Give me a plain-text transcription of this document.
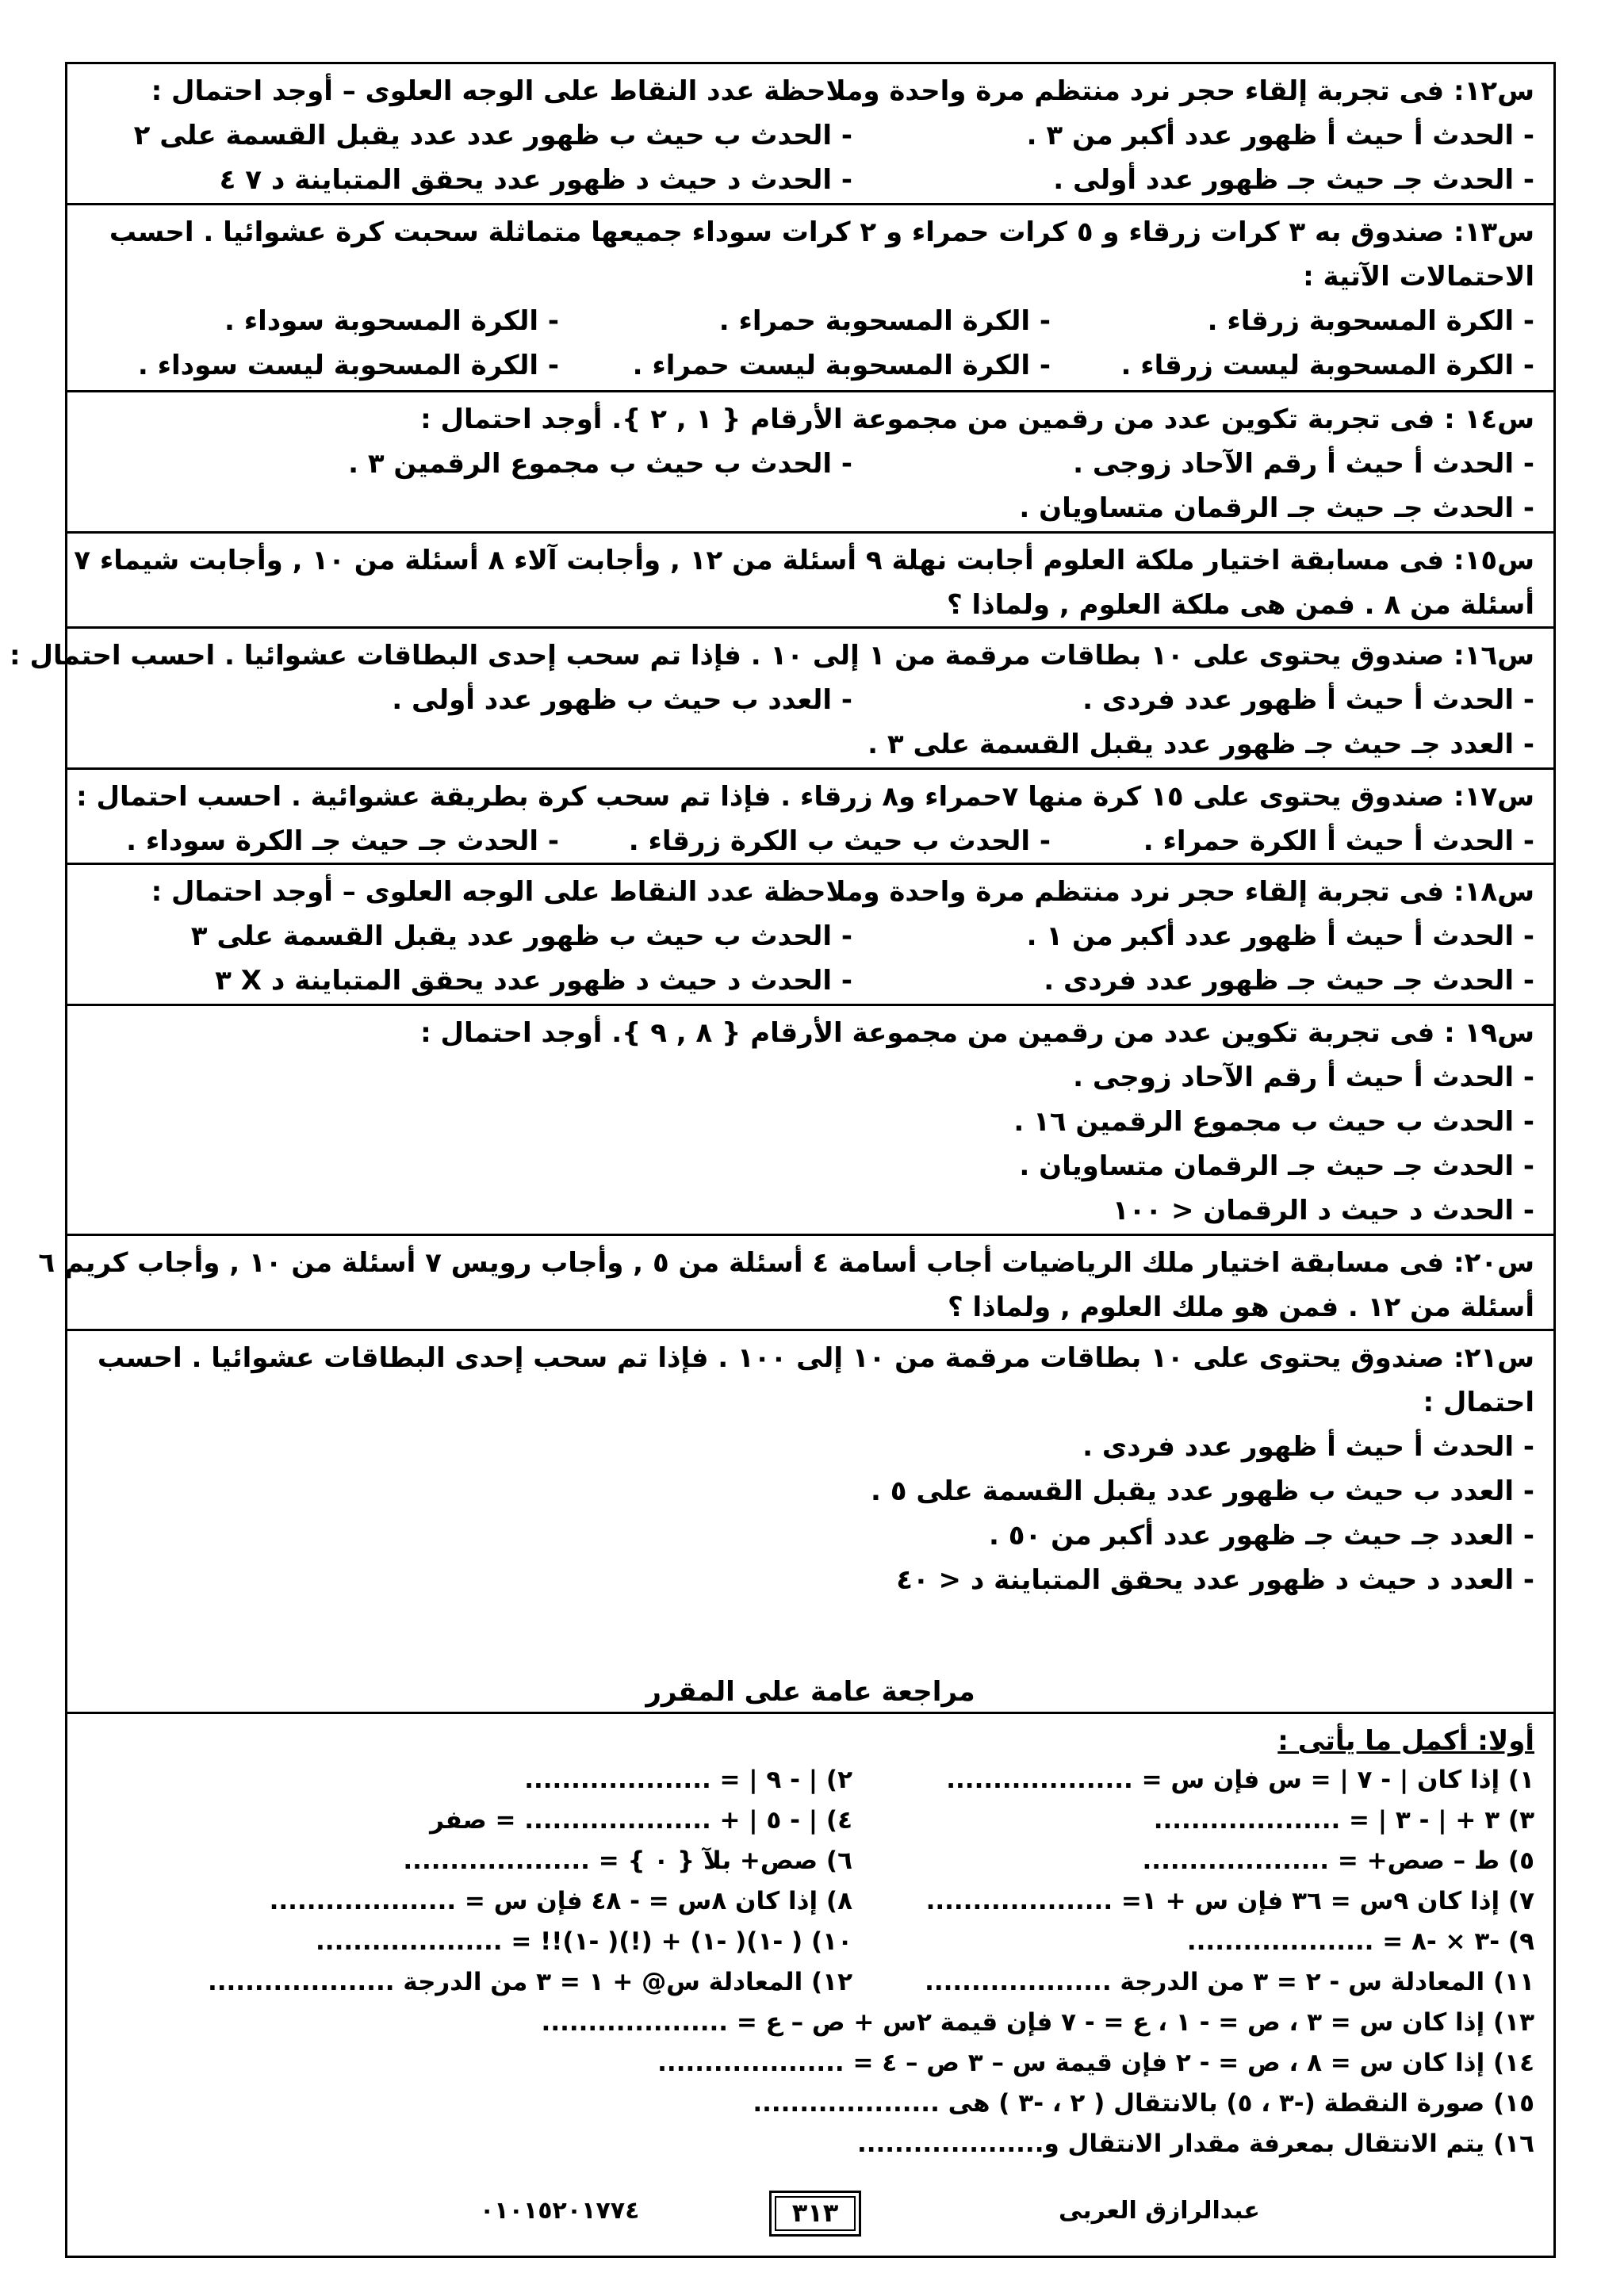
س١٢: فى تجربة إلقاء حجر نرد منتظم مرة واحدة وملاحظة عدد النقاط على الوجه العلوى – أوجد احتمال :
- الحدث أ حيث أ ظهور عدد أكبر من ٣ .
- الحدث ب حيث ب ظهور عدد عدد يقبل القسمة على ٢
- الحدث جـ حيث جـ ظهور عدد أولى .
- الحدث د حيث د ظهور عدد يحقق المتباينة د ٧ ٤
س١٣: صندوق به ٣ كرات زرقاء و ٥ كرات حمراء و ٢ كرات سوداء جميعها متماثلة سحبت كرة عشوائيا . احسب
الاحتمالات الآتية :
- الكرة المسحوبة زرقاء .
- الكرة المسحوبة حمراء .
- الكرة المسحوبة سوداء .
- الكرة المسحوبة ليست زرقاء .
- الكرة المسحوبة ليست حمراء .
- الكرة المسحوبة ليست سوداء .
س١٤ : فى تجربة تكوين عدد من رقمين من مجموعة الأرقام { ١ , ٢ }. أوجد احتمال :
- الحدث أ حيث أ رقم الآحاد زوجى .
- الحدث ب حيث ب مجموع الرقمين ٣ .
- الحدث جـ حيث جـ الرقمان متساويان .
س١٥: فى مسابقة اختيار ملكة العلوم أجابت نهلة ٩ أسئلة من ١٢ , وأجابت آلاء ٨ أسئلة من ١٠ , وأجابت شيماء ٧
أسئلة من ٨ . فمن هى ملكة العلوم , ولماذا ؟
س١٦: صندوق يحتوى على ١٠ بطاقات مرقمة من ١ إلى ١٠ . فإذا تم سحب إحدى البطاقات عشوائيا . احسب احتمال :
- الحدث أ حيث أ ظهور عدد فردى .
- العدد ب حيث ب ظهور عدد أولى .
- العدد جـ حيث جـ ظهور عدد يقبل القسمة على ٣ .
س١٧: صندوق يحتوى على ١٥ كرة منها ٧حمراء و٨ زرقاء . فإذا تم سحب كرة بطريقة عشوائية . احسب احتمال :
- الحدث أ حيث أ الكرة حمراء .
- الحدث ب حيث ب الكرة زرقاء .
- الحدث جـ حيث جـ الكرة سوداء .
س١٨: فى تجربة إلقاء حجر نرد منتظم مرة واحدة وملاحظة عدد النقاط على الوجه العلوى – أوجد احتمال :
- الحدث أ حيث أ ظهور عدد أكبر من ١ .
- الحدث ب حيث ب ظهور عدد يقبل القسمة على ٣
- الحدث جـ حيث جـ ظهور عدد فردى .
- الحدث د حيث د ظهور عدد يحقق المتباينة د X ٣
س١٩ : فى تجربة تكوين عدد من رقمين من مجموعة الأرقام { ٨ , ٩ }. أوجد احتمال :
- الحدث أ حيث أ رقم الآحاد زوجى .
- الحدث ب حيث ب مجموع الرقمين ١٦ .
- الحدث جـ حيث جـ الرقمان متساويان .
- الحدث د حيث د الرقمان < ١٠٠
س٢٠: فى مسابقة اختيار ملك الرياضيات أجاب أسامة ٤ أسئلة من ٥ , وأجاب رويس ٧ أسئلة من ١٠ , وأجاب كريم ٦
أسئلة من ١٢ . فمن هو ملك العلوم , ولماذا ؟
س٢١: صندوق يحتوى على ١٠ بطاقات مرقمة من ١٠ إلى ١٠٠ . فإذا تم سحب إحدى البطاقات عشوائيا . احسب
احتمال :
- الحدث أ حيث أ ظهور عدد فردى .
- العدد ب حيث ب ظهور عدد يقبل القسمة على ٥ .
- العدد جـ حيث جـ ظهور عدد أكبر من ٥٠ .
- العدد د حيث د ظهور عدد يحقق المتباينة د < ٤٠
مراجعة عامة على المقرر
أولا: أكمل ما يأتى :
١) إذا كان | - ٧ | = س فإن س = ....................
٢) | - ٩ | = ....................
٣) ٣ + | - ٣ | = ....................
٤) | - ٥ | + .................... = صفر
٥) ط – صص+ = ....................
٦) صص+ بلآ { ٠ } = ....................
٧) إذا كان ٩س = ٣٦ فإن س + ١= ....................
٨) إذا كان ٨س = - ٤٨ فإن س = ....................
٩) -٣ × -٨ = ....................
١٠) ( -١)( -١) + (!)( -١)!! = ....................
١١) المعادلة س - ٢ = ٣ من الدرجة ....................
١٢) المعادلة س@ + ١ = ٣ من الدرجة ....................
١٣) إذا كان س = ٣ ، ص = - ١ ، ع = - ٧ فإن قيمة ٢س + ص – ع = ....................
١٤) إذا كان س = ٨ ، ص = - ٢ فإن قيمة س – ٣ ص – ٤ = ....................
١٥) صورة النقطة (-٣ ، ٥) بالانتقال ( ٢ ، -٣ ) هى ....................
١٦) يتم الانتقال بمعرفة مقدار الانتقال و....................
عبدالرازق العربى
٣١٣
٠١٠١٥٢٠١٧٧٤
